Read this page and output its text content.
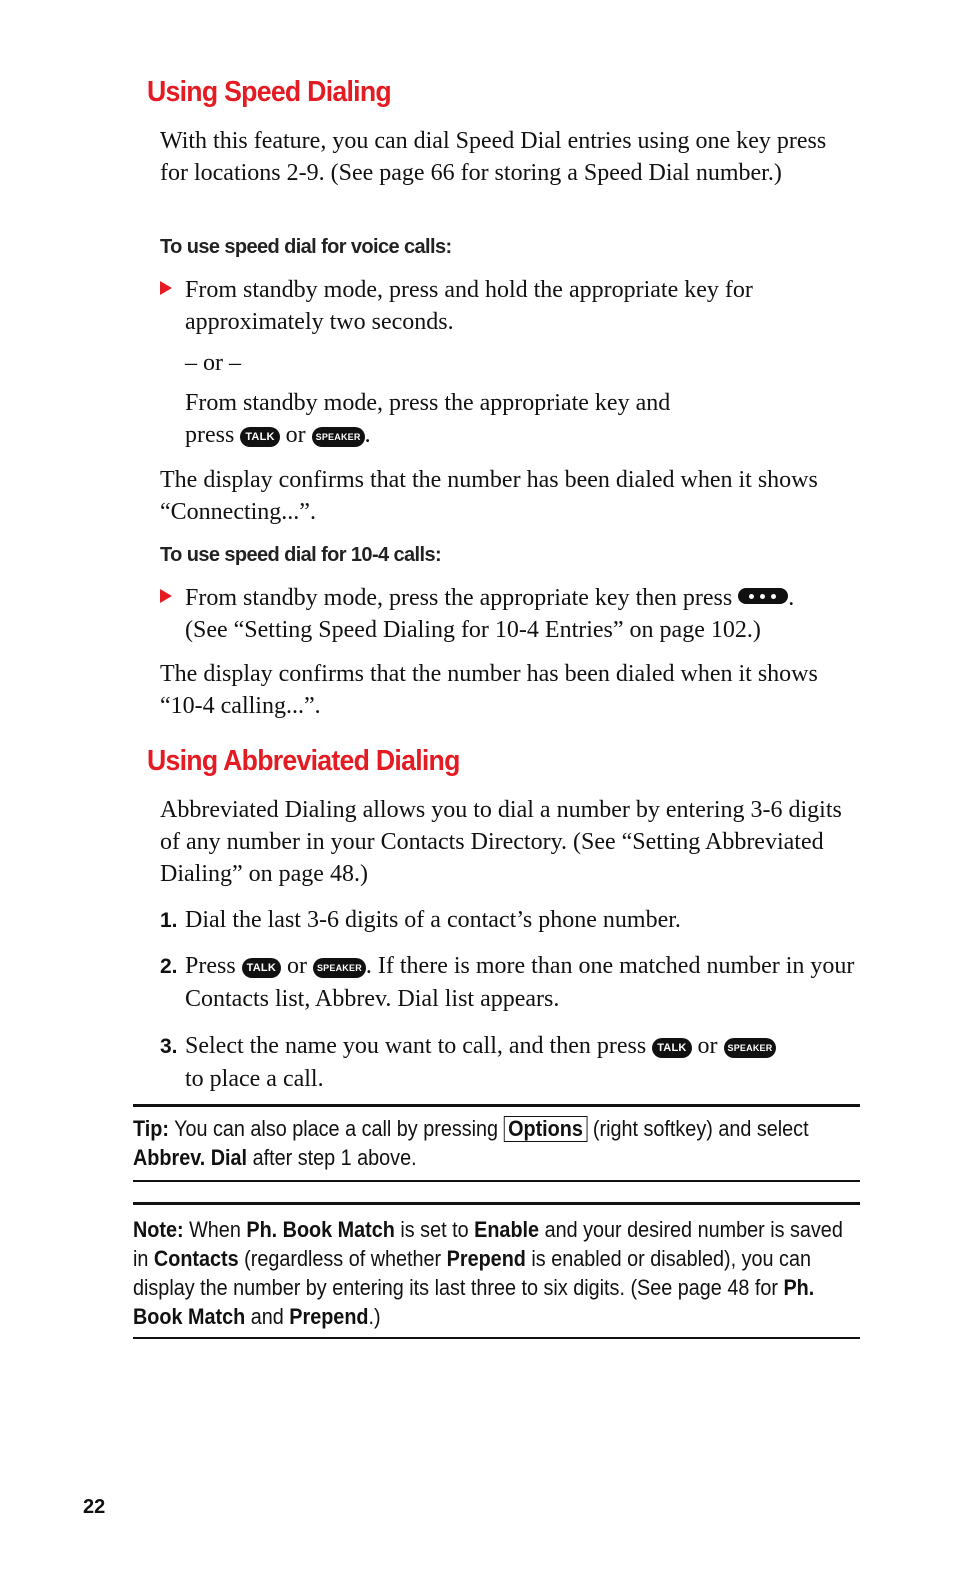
Using Speed Dialing

With this feature, you can dial Speed Dial entries using one key press for locations 2-9. (See page 66 for storing a Speed Dial number.)

To use speed dial for voice calls:

From standby mode, press and hold the appropriate key for approximately two seconds.
– or –
From standby mode, press the appropriate key and
press TALK or SPEAKER .

The display confirms that the number has been dialed when it shows “Connecting...”.

To use speed dial for 10-4 calls:

From standby mode, press the appropriate key then press .
(See “Setting Speed Dialing for 10-4 Entries” on page 102.)

The display confirms that the number has been dialed when it shows “10-4 calling...”.

Using Abbreviated Dialing

Abbreviated Dialing allows you to dial a number by entering 3-6 digits of any number in your Contacts Directory. (See “Setting Abbreviated Dialing” on page 48.)

1. Dial the last 3-6 digits of a contact’s phone number.
2. Press TALK or SPEAKER . If there is more than one matched number in your Contacts list, Abbrev. Dial list appears.
3. Select the name you want to call, and then press TALK or SPEAKER
to place a call.

Tip: You can also place a call by pressing Options (right softkey) and select Abbrev. Dial after step 1 above.

Note: When Ph. Book Match is set to Enable and your desired number is saved in Contacts (regardless of whether Prepend is enabled or disabled), you can display the number by entering its last three to six digits. (See page 48 for Ph. Book Match and Prepend.)

22
